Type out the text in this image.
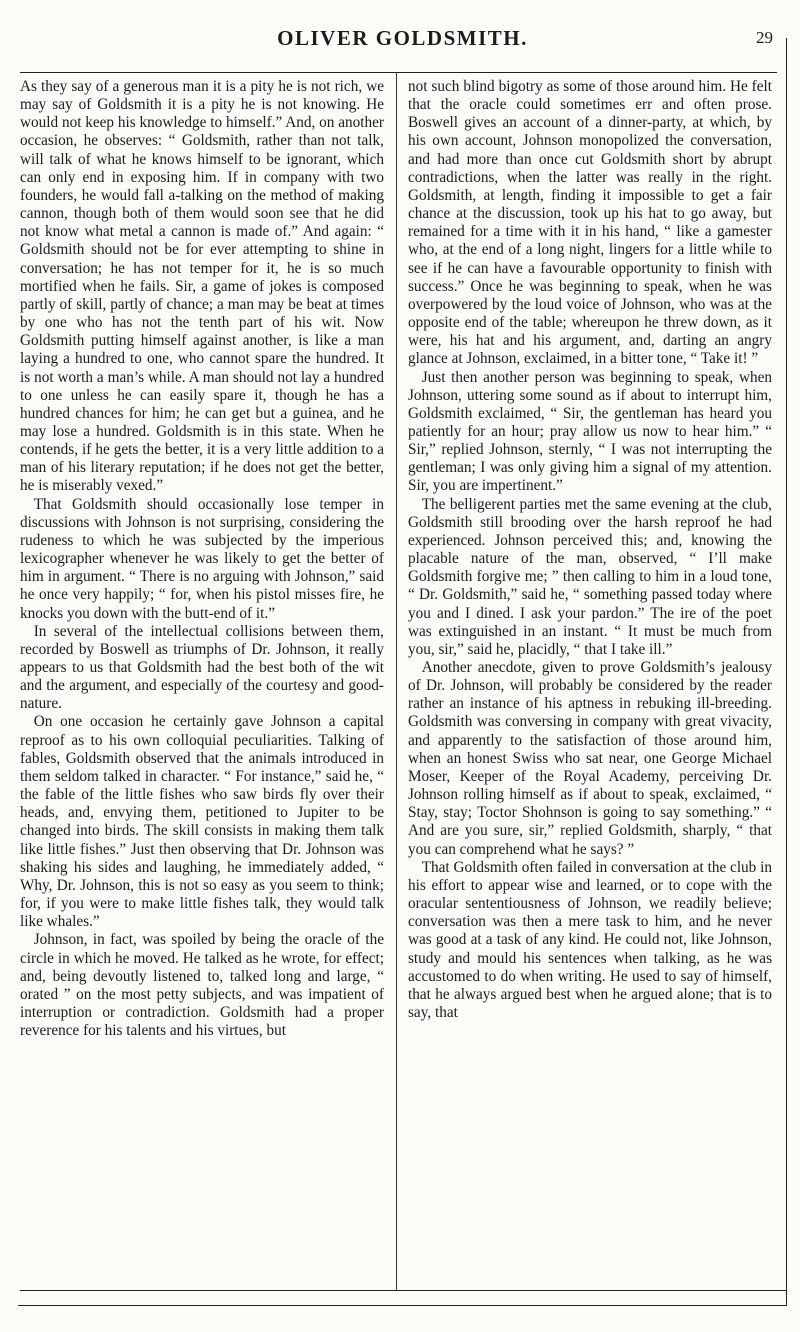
OLIVER GOLDSMITH.	29

As they say of a generous man it is a pity he is not rich, we may say of Goldsmith it is a pity he is not knowing. He would not keep his knowledge to himself.” And, on another occasion, he observes: “ Goldsmith, rather than not talk, will talk of what he knows himself to be ignorant, which can only end in exposing him. If in company with two founders, he would fall a-talking on the method of making cannon, though both of them would soon see that he did not know what metal a cannon is made of.” And again: “ Goldsmith should not be for ever attempting to shine in conversation; he has not temper for it, he is so much mortified when he fails. Sir, a game of jokes is composed partly of skill, partly of chance; a man may be beat at times by one who has not the tenth part of his wit. Now Goldsmith putting himself against another, is like a man laying a hundred to one, who cannot spare the hundred. It is not worth a man’s while. A man should not lay a hundred to one unless he can easily spare it, though he has a hundred chances for him; he can get but a guinea, and he may lose a hundred. Goldsmith is in this state. When he contends, if he gets the better, it is a very little addition to a man of his literary reputation; if he does not get the better, he is miserably vexed.”

That Goldsmith should occasionally lose temper in discussions with Johnson is not surprising, considering the rudeness to which he was subjected by the imperious lexicographer whenever he was likely to get the better of him in argument. “ There is no arguing with Johnson,” said he once very happily; “ for, when his pistol misses fire, he knocks you down with the butt-end of it.”

In several of the intellectual collisions between them, recorded by Boswell as triumphs of Dr. Johnson, it really appears to us that Goldsmith had the best both of the wit and the argument, and especially of the courtesy and good-nature.

On one occasion he certainly gave Johnson a capital reproof as to his own colloquial peculiarities. Talking of fables, Goldsmith observed that the animals introduced in them seldom talked in character. “ For instance,” said he, “ the fable of the little fishes who saw birds fly over their heads, and, envying them, petitioned to Jupiter to be changed into birds. The skill consists in making them talk like little fishes.” Just then observing that Dr. Johnson was shaking his sides and laughing, he immediately added, “ Why, Dr. Johnson, this is not so easy as you seem to think; for, if you were to make little fishes talk, they would talk like whales.”

Johnson, in fact, was spoiled by being the oracle of the circle in which he moved. He talked as he wrote, for effect; and, being devoutly listened to, talked long and large, “ orated ” on the most petty subjects, and was impatient of interruption or contradiction. Goldsmith had a proper reverence for his talents and his virtues, but

not such blind bigotry as some of those around him. He felt that the oracle could sometimes err and often prose. Boswell gives an account of a dinner-party, at which, by his own account, Johnson monopolized the conversation, and had more than once cut Goldsmith short by abrupt contradictions, when the latter was really in the right. Goldsmith, at length, finding it impossible to get a fair chance at the discussion, took up his hat to go away, but remained for a time with it in his hand, “ like a gamester who, at the end of a long night, lingers for a little while to see if he can have a favourable opportunity to finish with success.” Once he was beginning to speak, when he was overpowered by the loud voice of Johnson, who was at the opposite end of the table; whereupon he threw down, as it were, his hat and his argument, and, darting an angry glance at Johnson, exclaimed, in a bitter tone, “ Take it! ”

Just then another person was beginning to speak, when Johnson, uttering some sound as if about to interrupt him, Goldsmith exclaimed, “ Sir, the gentleman has heard you patiently for an hour; pray allow us now to hear him.” “ Sir,” replied Johnson, sternly, “ I was not interrupting the gentleman; I was only giving him a signal of my attention. Sir, you are impertinent.”

The belligerent parties met the same evening at the club, Goldsmith still brooding over the harsh reproof he had experienced. Johnson perceived this; and, knowing the placable nature of the man, observed, “ I’ll make Goldsmith forgive me; ” then calling to him in a loud tone, “ Dr. Goldsmith,” said he, “ something passed today where you and I dined. I ask your pardon.” The ire of the poet was extinguished in an instant. “ It must be much from you, sir,” said he, placidly, “ that I take ill.”

Another anecdote, given to prove Goldsmith’s jealousy of Dr. Johnson, will probably be considered by the reader rather an instance of his aptness in rebuking ill-breeding. Goldsmith was conversing in company with great vivacity, and apparently to the satisfaction of those around him, when an honest Swiss who sat near, one George Michael Moser, Keeper of the Royal Academy, perceiving Dr. Johnson rolling himself as if about to speak, exclaimed, “ Stay, stay; Toctor Shohnson is going to say something.” “ And are you sure, sir,” replied Goldsmith, sharply, “ that you can comprehend what he says? ”

That Goldsmith often failed in conversation at the club in his effort to appear wise and learned, or to cope with the oracular sententiousness of Johnson, we readily believe; conversation was then a mere task to him, and he never was good at a task of any kind. He could not, like Johnson, study and mould his sentences when talking, as he was accustomed to do when writing. He used to say of himself, that he always argued best when he argued alone; that is to say, that
